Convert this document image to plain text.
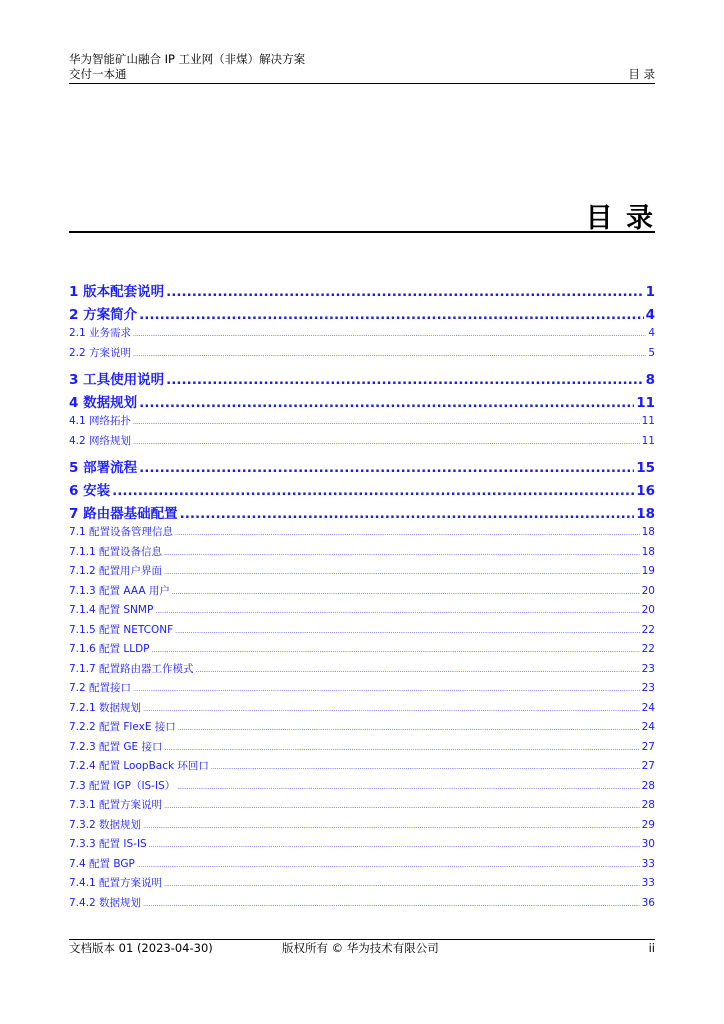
华为智能矿山融合 IP 工业网（非煤）解决方案
交付一本通	目 录
目 录
1 版本配套说明 .....	1
2 方案简介 .....	4
2.1 业务需求 .....	4
2.2 方案说明 .....	5
3 工具使用说明 .....	8
4 数据规划 .....	11
4.1 网络拓扑 .....	11
4.2 网络规划 .....	11
5 部署流程 .....	15
6 安装 .....	16
7 路由器基础配置 .....	18
7.1 配置设备管理信息 .....	18
7.1.1 配置设备信息 .....	18
7.1.2 配置用户界面 .....	19
7.1.3 配置 AAA 用户 .....	20
7.1.4 配置 SNMP .....	20
7.1.5 配置 NETCONF .....	22
7.1.6 配置 LLDP .....	22
7.1.7 配置路由器工作模式 .....	23
7.2 配置接口 .....	23
7.2.1 数据规划 .....	24
7.2.2 配置 FlexE 接口 .....	24
7.2.3 配置 GE 接口 .....	27
7.2.4 配置 LoopBack 环回口 .....	27
7.3 配置 IGP（IS-IS） .....	28
7.3.1 配置方案说明 .....	28
7.3.2 数据规划 .....	29
7.3.3 配置 IS-IS .....	30
7.4 配置 BGP .....	33
7.4.1 配置方案说明 .....	33
7.4.2 数据规划 .....	36
文档版本 01 (2023-04-30)	版权所有 © 华为技术有限公司	ii
